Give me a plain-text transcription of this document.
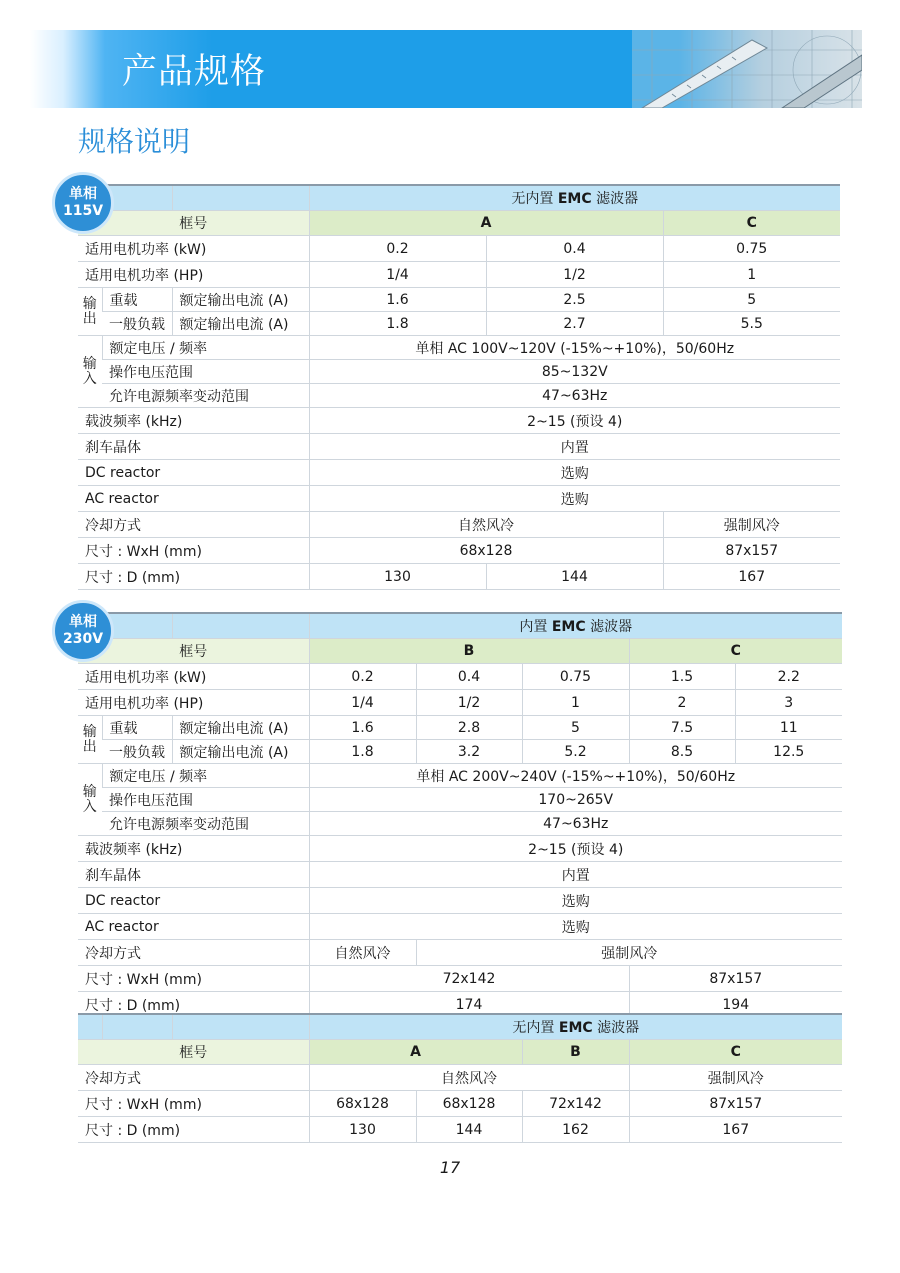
产品规格
规格说明
单相
115V
			无内置 EMC 滤波器		
框号			A		C
适用电机功率 (kW)			0.2	0.4	0.75
适用电机功率 (HP)			1/4	1/2	1
输出	重载	额定输出电流 (A)	1.6	2.5	5
	一般负载	额定输出电流 (A)	1.8	2.7	5.5
输入	额定电压 / 频率		单相 AC 100V~120V (-15%~+10%)，50/60Hz		
	操作电压范围		85~132V		
	允许电源频率变动范围		47~63Hz		
载波频率 (kHz)			2~15 (预设 4)		
刹车晶体			内置		
DC reactor			选购		
AC reactor			选购		
冷却方式			自然风冷		强制风冷
尺寸 : WxH (mm)			68x128		87x157
尺寸 : D (mm)			130	144	167
单相
230V
			内置 EMC 滤波器				
框号			B			C	
适用电机功率 (kW)			0.2	0.4	0.75	1.5	2.2
适用电机功率 (HP)			1/4	1/2	1	2	3
输出	重载	额定输出电流 (A)	1.6	2.8	5	7.5	11
	一般负载	额定输出电流 (A)	1.8	3.2	5.2	8.5	12.5
输入	额定电压 / 频率		单相 AC 200V~240V (-15%~+10%)，50/60Hz				
	操作电压范围		170~265V				
	允许电源频率变动范围		47~63Hz				
载波频率 (kHz)			2~15 (预设 4)				
刹车晶体			内置				
DC reactor			选购				
AC reactor			选购				
冷却方式			自然风冷	强制风冷			
尺寸 : WxH (mm)			72x142			87x157	
尺寸 : D (mm)			174			194	
			无内置 EMC 滤波器			
框号			A		B	C
冷却方式			自然风冷			强制风冷
尺寸 : WxH (mm)			68x128	68x128	72x142	87x157
尺寸 : D (mm)			130	144	162	167
17
